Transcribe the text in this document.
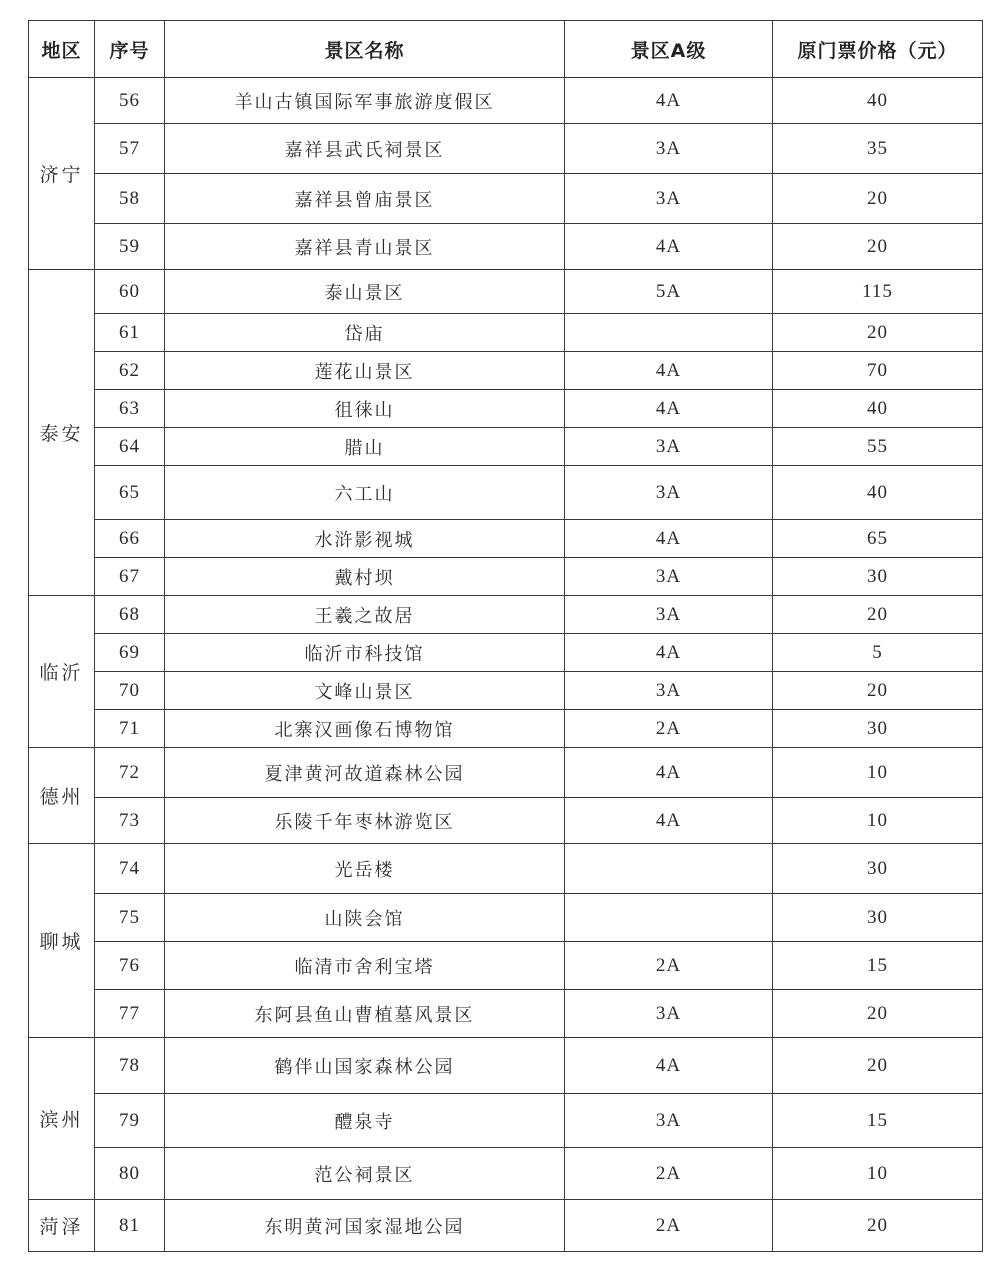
地区	序号	景区名称	景区A级	原门票价格（元）
济宁	56	羊山古镇国际军事旅游度假区	4A	40
	57	嘉祥县武氏祠景区	3A	35
	58	嘉祥县曾庙景区	3A	20
	59	嘉祥县青山景区	4A	20
泰安	60	泰山景区	5A	115
	61	岱庙		20
	62	莲花山景区	4A	70
	63	徂徕山	4A	40
	64	腊山	3A	55
	65	六工山	3A	40
	66	水浒影视城	4A	65
	67	戴村坝	3A	30
临沂	68	王羲之故居	3A	20
	69	临沂市科技馆	4A	5
	70	文峰山景区	3A	20
	71	北寨汉画像石博物馆	2A	30
德州	72	夏津黄河故道森林公园	4A	10
	73	乐陵千年枣林游览区	4A	10
聊城	74	光岳楼		30
	75	山陕会馆		30
	76	临清市舍利宝塔	2A	15
	77	东阿县鱼山曹植墓风景区	3A	20
滨州	78	鹤伴山国家森林公园	4A	20
	79	醴泉寺	3A	15
	80	范公祠景区	2A	10
菏泽	81	东明黄河国家湿地公园	2A	20
